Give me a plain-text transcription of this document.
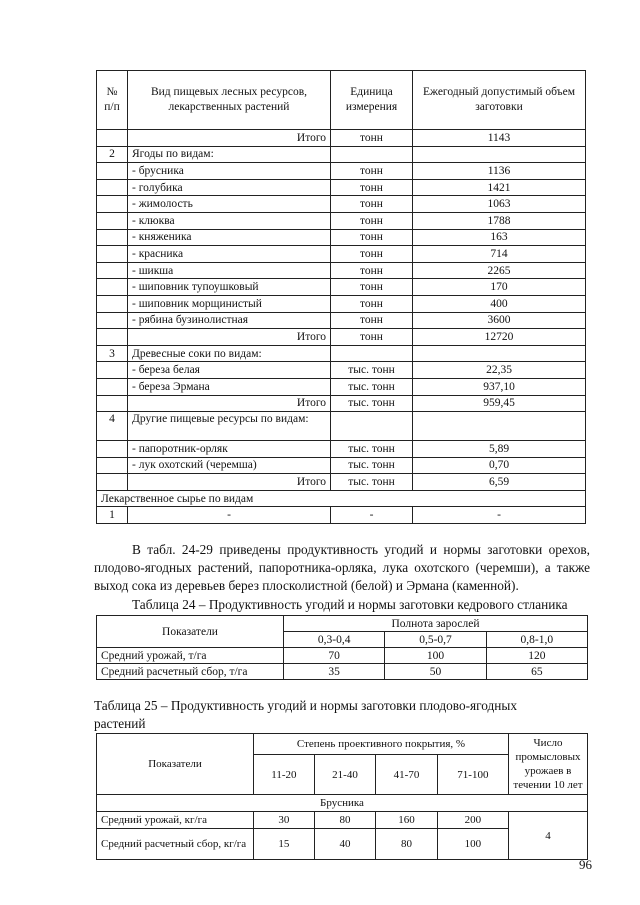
№ п/п	Вид пищевых лесных ресурсов, лекарственных растений	Единица измерения	Ежегодный допустимый объем заготовки
	Итого	тонн	1143
2	Ягоды по видам:		
	- брусника	тонн	1136
	- голубика	тонн	1421
	- жимолость	тонн	1063
	- клюква	тонн	1788
	- княженика	тонн	163
	- красника	тонн	714
	- шикша	тонн	2265
	- шиповник тупоушковый	тонн	170
	- шиповник морщинистый	тонн	400
	- рябина бузинолистная	тонн	3600
	Итого	тонн	12720
3	Древесные соки по видам:		
	- береза белая	тыс. тонн	22,35
	- береза Эрмана	тыс. тонн	937,10
	Итого	тыс. тонн	959,45
4	Другие пищевые ресурсы по видам:		
	- папоротник-орляк	тыс. тонн	5,89
	- лук охотский (черемша)	тыс. тонн	0,70
	Итого	тыс. тонн	6,59
Лекарственное сырье по видам			
1	-	-	-

В табл. 24-29 приведены продуктивность угодий и нормы заготовки орехов, плодово-ягодных растений, папоротника-орляка, лука охотского (черемши), а также выход сока из деревьев берез плосколистной (белой) и Эрмана (каменной).

Таблица 24 – Продуктивность угодий и нормы заготовки кедрового стланика
Показатели	Полнота зарослей		
	0,3-0,4	0,5-0,7	0,8-1,0
Средний урожай, т/га	70	100	120
Средний расчетный сбор, т/га	35	50	65
Таблица 25 – Продуктивность угодий и нормы заготовки плодово-ягодных
растений
Показатели	Степень проективного покрытия, %				Число промысловых урожаев в течении 10 лет
	11-20	21-40	41-70	71-100	
Брусника					
Средний урожай, кг/га	30	80	160	200	4
Средний расчетный сбор, кг/га	15	40	80	100	
96
